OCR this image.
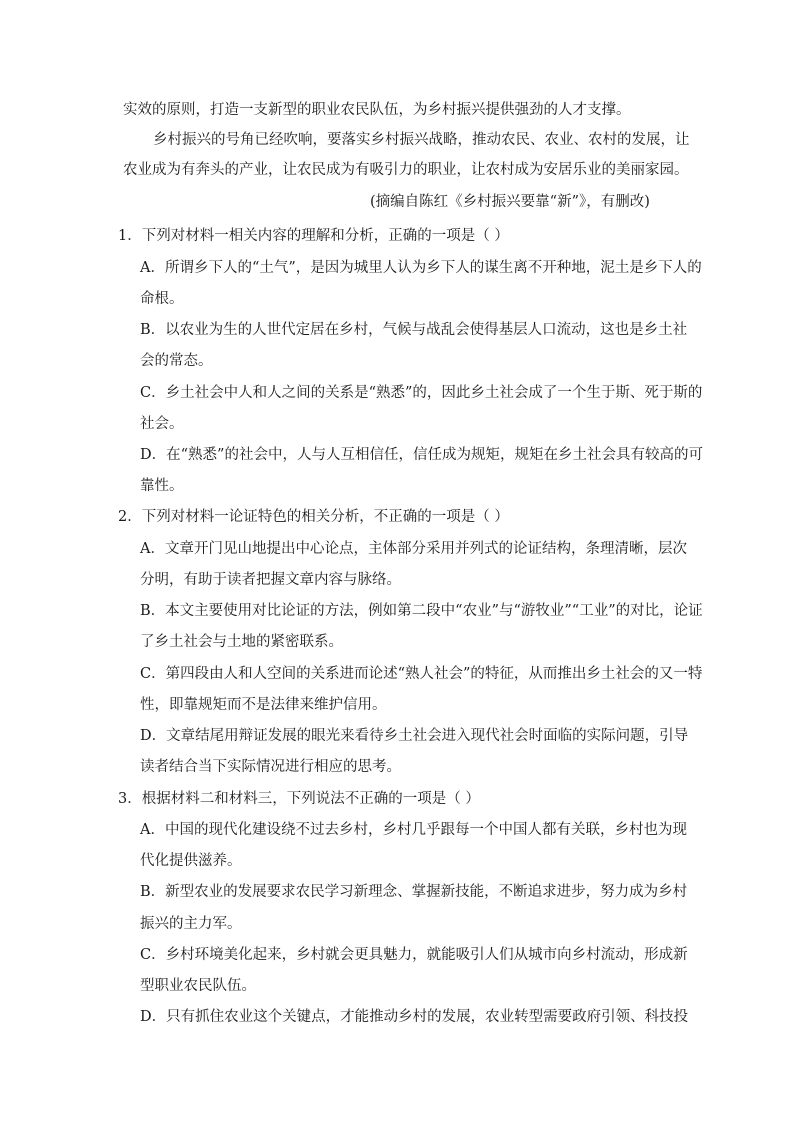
实效的原则，打造一支新型的职业农民队伍，为乡村振兴提供强劲的人才支撑。
乡村振兴的号角已经吹响，要落实乡村振兴战略，推动农民、农业、农村的发展，让
农业成为有奔头的产业，让农民成为有吸引力的职业，让农村成为安居乐业的美丽家园。
(摘编自陈红《乡村振兴要靠“新”》，有删改)
1．下列对材料一相关内容的理解和分析，正确的一项是（ ）
A．所谓乡下人的“土气”，是因为城里人认为乡下人的谋生离不开种地，泥土是乡下人的
命根。
B．以农业为生的人世代定居在乡村，气候与战乱会使得基层人口流动，这也是乡土社
会的常态。
C．乡土社会中人和人之间的关系是“熟悉”的，因此乡土社会成了一个生于斯、死于斯的
社会。
D．在“熟悉”的社会中，人与人互相信任，信任成为规矩，规矩在乡土社会具有较高的可
靠性。
2．下列对材料一论证特色的相关分析，不正确的一项是（ ）
A．文章开门见山地提出中心论点，主体部分采用并列式的论证结构，条理清晰，层次
分明，有助于读者把握文章内容与脉络。
B．本文主要使用对比论证的方法，例如第二段中“农业”与“游牧业”“工业”的对比，论证
了乡土社会与土地的紧密联系。
C．第四段由人和人空间的关系进而论述“熟人社会”的特征，从而推出乡土社会的又一特
性，即靠规矩而不是法律来维护信用。
D．文章结尾用辩证发展的眼光来看待乡土社会进入现代社会时面临的实际问题，引导
读者结合当下实际情况进行相应的思考。
3．根据材料二和材料三，下列说法不正确的一项是（ ）
A．中国的现代化建设绕不过去乡村，乡村几乎跟每一个中国人都有关联，乡村也为现
代化提供滋养。
B．新型农业的发展要求农民学习新理念、掌握新技能，不断追求进步，努力成为乡村
振兴的主力军。
C．乡村环境美化起来，乡村就会更具魅力，就能吸引人们从城市向乡村流动，形成新
型职业农民队伍。
D．只有抓住农业这个关键点，才能推动乡村的发展，农业转型需要政府引领、科技投
